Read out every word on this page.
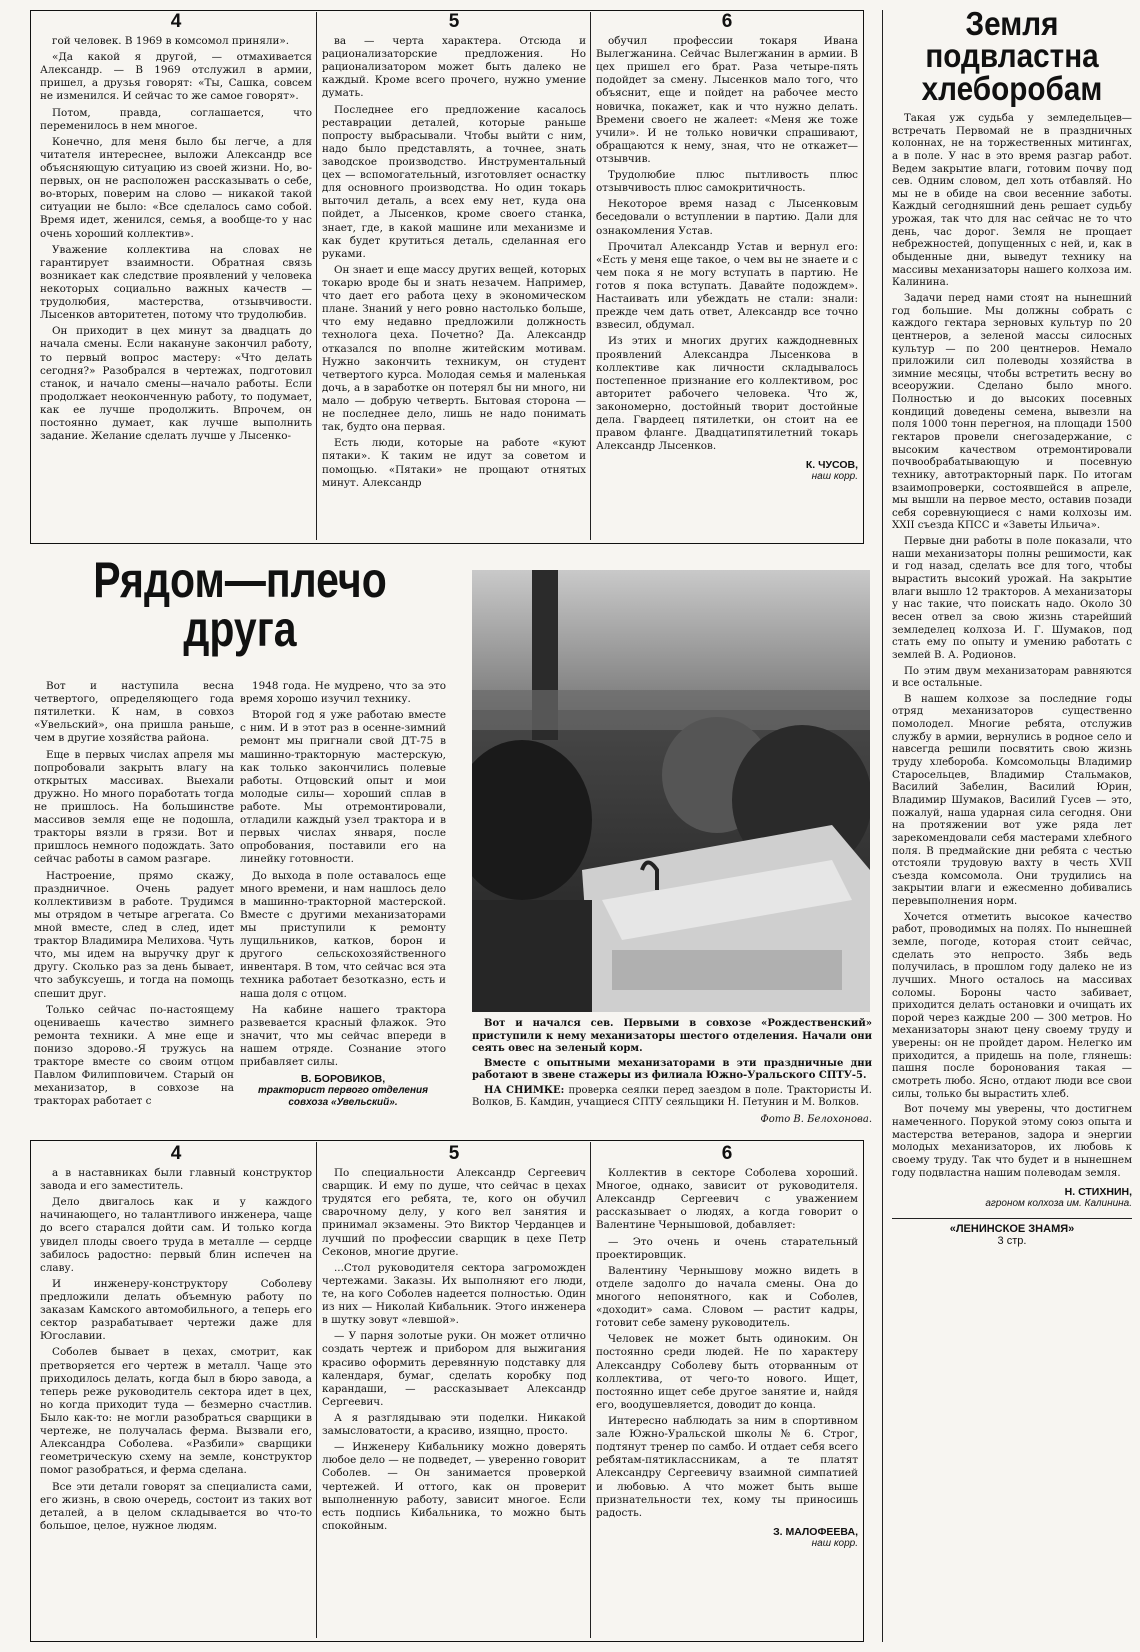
4

гой человек. В 1969 в комсомол приняли».

«Да какой я другой, — отмахивается Александр. — В 1969 отслужил в армии, пришел, а друзья говорят: «Ты, Сашка, совсем не изменился. И сейчас то же самое говорят».

Потом, правда, соглашается, что переменилось в нем многое.

Конечно, для меня было бы легче, а для читателя интереснее, выложи Александр все объясняющую ситуацию из своей жизни. Но, во-первых, он не расположен рассказывать о себе, во-вторых, поверим на слово — никакой такой ситуации не было: «Все сделалось само собой. Время идет, женился, семья, а вообще-то у нас очень хороший коллектив».

Уважение коллектива на словах не гарантирует взаимности. Обратная связь возникает как следствие проявлений у человека некоторых социально важных качеств — трудолюбия, мастерства, отзывчивости. Лысенков авторитетен, потому что трудолюбив.

Он приходит в цех минут за двадцать до начала смены. Если накануне закончил работу, то первый вопрос мастеру: «Что делать сегодня?» Разобрался в чертежах, подготовил станок, и начало смены—начало работы. Если продолжает неоконченную работу, то подумает, как ее лучше продолжить. Впрочем, он постоянно думает, как лучше выполнить задание. Желание сделать лучше у Лысенко-

5

ва — черта характера. Отсюда и рационализаторские предложения. Но рационализатором может быть далеко не каждый. Кроме всего прочего, нужно умение думать.

Последнее его предложение касалось реставрации деталей, которые раньше попросту выбрасывали. Чтобы выйти с ним, надо было представлять, а точнее, знать заводское производство. Инструментальный цех — вспомогательный, изготовляет оснастку для основного производства. Но один токарь выточил деталь, а всех ему нет, куда она пойдет, а Лысенков, кроме своего станка, знает, где, в какой машине или механизме и как будет крутиться деталь, сделанная его руками.

Он знает и еще массу других вещей, которых токарю вроде бы и знать незачем. Например, что дает его работа цеху в экономическом плане. Знаний у него ровно настолько больше, что ему недавно предложили должность технолога цеха. Почетно? Да. Александр отказался по вполне житейским мотивам. Нужно закончить техникум, он студент четвертого курса. Молодая семья и маленькая дочь, а в заработке он потерял бы ни много, ни мало — добрую четверть. Бытовая сторона — не последнее дело, лишь не надо понимать так, будто она первая.

Есть люди, которые на работе «куют пятаки». К таким не идут за советом и помощью. «Пятаки» не прощают отнятых минут. Александр

6

обучил профессии токаря Ивана Вылегжанина. Сейчас Вылегжанин в армии. В цех пришел его брат. Раза четыре-пять подойдет за смену. Лысенков мало того, что объяснит, еще и пойдет на рабочее место новичка, покажет, как и что нужно делать. Времени своего не жалеет: «Меня же тоже учили». И не только новички спрашивают, обращаются к нему, зная, что не откажет— отзывчив.

Трудолюбие плюс пытливость плюс отзывчивость плюс самокритичность.

Некоторое время назад с Лысенковым беседовали о вступлении в партию. Дали для ознакомления Устав.

Прочитал Александр Устав и вернул его: «Есть у меня еще такое, о чем вы не знаете и с чем пока я не могу вступать в партию. Не готов я пока вступать. Давайте подождем». Настаивать или убеждать не стали: знали: прежде чем дать ответ, Александр все точно взвесил, обдумал.

Из этих и многих других каждодневных проявлений Александра Лысенкова в коллективе как личности складывалось постепенное признание его коллективом, рос авторитет рабочего человека. Что ж, закономерно, достойный творит достойные дела. Гвардеец пятилетки, он стоит на ее правом фланге. Двадцатипятилетний токарь Александр Лысенков.

К. ЧУСОВ,
наш корр.
Земля
подвластна
хлеборобам

Такая уж судьба у земледельцев—встречать Первомай не в праздничных колоннах, не на торжественных митингах, а в поле. У нас в это время разгар работ. Ведем закрытие влаги, готовим почву под сев. Одним словом, дел хоть отбавляй. Но мы не в обиде на свои весенние заботы. Каждый сегодняшний день решает судьбу урожая, так что для нас сейчас не то что день, час дорог. Земля не прощает небрежностей, допущенных с ней, и, как в обыденные дни, выведут технику на массивы механизаторы нашего колхоза им. Калинина.

Задачи перед нами стоят на нынешний год большие. Мы должны собрать с каждого гектара зерновых культур по 20 центнеров, а зеленой массы силосных культур — по 200 центнеров. Немало приложили сил полеводы хозяйства в зимние месяцы, чтобы встретить весну во всеоружии. Сделано было много. Полностью и до высоких посевных кондиций доведены семена, вывезли на поля 1000 тонн перегноя, на площади 1500 гектаров провели снегозадержание, с высоким качеством отремонтировали почвообрабатывающую и посевную технику, автотракторный парк. По итогам взаимопроверки, состоявшейся в апреле, мы вышли на первое место, оставив позади себя соревнующиеся с нами колхозы им. XXII съезда КПСС и «Заветы Ильича».

Первые дни работы в поле показали, что наши механизаторы полны решимости, как и год назад, сделать все для того, чтобы вырастить высокий урожай. На закрытие влаги вышло 12 тракторов. А механизаторы у нас такие, что поискать надо. Около 30 весен отвел за свою жизнь старейший земледелец колхоза И. Г. Шумаков, под стать ему по опыту и умению работать с землей В. А. Родионов.

По этим двум механизаторам равняются и все остальные.

В нашем колхозе за последние годы отряд механизаторов существенно помолодел. Многие ребята, отслужив службу в армии, вернулись в родное село и навсегда решили посвятить свою жизнь труду хлебороба. Комсомольцы Владимир Старосельцев, Владимир Стальмаков, Василий Забелин, Василий Юрин, Владимир Шумаков, Василий Гусев — это, пожалуй, наша ударная сила сегодня. Они на протяжении вот уже ряда лет зарекомендовали себя мастерами хлебного поля. В предмайские дни ребята с честью отстояли трудовую вахту в честь XVII съезда комсомола. Они трудились на закрытии влаги и ежесменно добивались перевыполнения норм.

Хочется отметить высокое качество работ, проводимых на полях. По нынешней земле, погоде, которая стоит сейчас, сделать это непросто. Зябь ведь получилась, в прошлом году далеко не из лучших. Много осталось на массивах соломы. Бороны часто забивает, приходится делать остановки и очищать их порой через каждые 200 — 300 метров. Но механизаторы знают цену своему труду и уверены: он не пройдет даром. Нелегко им приходится, а придешь на поле, глянешь: пашня после боронования такая — смотреть любо. Ясно, отдают люди все свои силы, только бы вырастить хлеб.

Вот почему мы уверены, что достигнем намеченного. Порукой этому союз опыта и мастерства ветеранов, задора и энергии молодых механизаторов, их любовь к своему труду. Так что будет и в нынешнем году подвластна нашим полеводам земля.

Н. СТИХНИН,
агроном колхоза им. Калинина.
«ЛЕНИНСКОЕ ЗНАМЯ»
3 стр.
Рядом—плечо
друга

Вот и наступила весна четвертого, определяющего года пятилетки. К нам, в совхоз «Увельский», она пришла раньше, чем в другие хозяйства района.

Еще в первых числах апреля мы попробовали закрыть влагу на открытых массивах. Выехали дружно. Но много поработать тогда не пришлось. На большинстве массивов земля еще не подошла, тракторы вязли в грязи. Вот и пришлось немного подождать. Зато сейчас работы в самом разгаре.

Настроение, прямо скажу, праздничное. Очень радует коллективизм в работе. Трудимся мы отрядом в четыре агрегата. Со мной вместе, след в след, идет трактор Владимира Мелихова. Чуть что, мы идем на выручку друг к другу. Сколько раз за день бывает, что забуксуешь, и тогда на помощь спешит друг.

Только сейчас по-настоящему оцениваешь качество зимнего ремонта техники. А мне еще и понизо здорово.-Я тружусь на тракторе вместе со своим отцом Павлом Филипповичем. Старый он механизатор, в совхозе на тракторах работает с

1948 года. Не мудрено, что за это время хорошо изучил технику.

Второй год я уже работаю вместе с ним. И в этот раз в осенне-зимний ремонт мы пригнали свой ДТ-75 в машинно-тракторную мастерскую, как только закончились полевые работы. Отцовский опыт и мои молодые силы— хороший сплав в работе. Мы отремонтировали, отладили каждый узел трактора и в первых числах января, после опробования, поставили его на линейку готовности.

До выхода в поле оставалось еще много времени, и нам нашлось дело в машинно-тракторной мастерской. Вместе с другими механизаторами мы приступили к ремонту лущильников, катков, борон и другого сельскохозяйственного инвентаря. В том, что сейчас вся эта техника работает безотказно, есть и наша доля с отцом.

На кабине нашего трактора развевается красный флажок. Это значит, что мы сейчас впереди в нашем отряде. Сознание этого прибавляет силы.

В. БОРОВИКОВ,
тракторист первого отделения совхоза «Увельский».

Вот и начался сев. Первыми в совхозе «Рождественский» приступили к нему механизаторы шестого отделения. Начали они сеять овес на зеленый корм.

Вместе с опытными механизаторами в эти праздничные дни работают в звене стажеры из филиала Южно-Уральского СПТУ-5.

НА СНИМКЕ: проверка сеялки перед заездом в поле. Трактористы И. Волков, Б. Камдин, учащиеся СПТУ сеяльщики Н. Петунин и М. Волков.

Фото В. Белохонова.
4

а в наставниках были главный конструктор завода и его заместитель.

Дело двигалось как и у каждого начинающего, но талантливого инженера, чаще до всего старался дойти сам. И только когда увидел плоды своего труда в металле — сердце забилось радостно: первый блин испечен на славу.

И инженеру-конструктору Соболеву предложили делать объемную работу по заказам Камского автомобильного, а теперь его сектор разрабатывает чертежи даже для Югославии.

Соболев бывает в цехах, смотрит, как претворяется его чертеж в металл. Чаще это приходилось делать, когда был в бюро завода, а теперь реже руководитель сектора идет в цех, но когда приходит туда — безмерно счастлив. Было как-то: не могли разобраться сварщики в чертеже, не получалась ферма. Вызвали его, Александра Соболева. «Разбили» сварщики геометрическую схему на земле, конструктор помог разобраться, и ферма сделана.

Все эти детали говорят за специалиста сами, его жизнь, в свою очередь, состоит из таких вот деталей, а в целом складывается во что-то большое, целое, нужное людям.

5

По специальности Александр Сергеевич сварщик. И ему по душе, что сейчас в цехах трудятся его ребята, те, кого он обучил сварочному делу, у кого вел занятия и принимал экзамены. Это Виктор Черданцев и лучший по профессии сварщик в цехе Петр Секонов, многие другие.

...Стол руководителя сектора загроможден чертежами. Заказы. Их выполняют его люди, те, на кого Соболев надеется полностью. Один из них — Николай Кибальник. Этого инженера в шутку зовут «левшой».

— У парня золотые руки. Он может отлично создать чертеж и прибором для выжигания красиво оформить деревянную подставку для календаря, бумаг, сделать коробку под карандаши, — рассказывает Александр Сергеевич.

А я разглядываю эти поделки. Никакой замысловатости, а красиво, изящно, просто.

— Инженеру Кибальнику можно доверять любое дело — не подведет, — уверенно говорит Соболев. — Он занимается проверкой чертежей. И оттого, как он проверит выполненную работу, зависит многое. Если есть подпись Кибальника, то можно быть спокойным.

6

Коллектив в секторе Соболева хороший. Многое, однако, зависит от руководителя. Александр Сергеевич с уважением рассказывает о людях, а когда говорит о Валентине Чернышовой, добавляет:

— Это очень и очень старательный проектировщик.

Валентину Чернышову можно видеть в отделе задолго до начала смены. Она до многого непонятного, как и Соболев, «доходит» сама. Словом — растит кадры, готовит себе замену руководитель.

Человек не может быть одиноким. Он постоянно среди людей. Не по характеру Александру Соболеву быть оторванным от коллектива, от чего-то нового. Ищет, постоянно ищет себе другое занятие и, найдя его, воодушевляется, доводит до конца.

Интересно наблюдать за ним в спортивном зале Южно-Уральской школы № 6. Строг, подтянут тренер по самбо. И отдает себя всего ребятам-пятиклассникам, а те платят Александру Сергеевичу взаимной симпатией и любовью. А что может быть выше признательности тех, кому ты приносишь радость.

З. МАЛОФЕЕВА,
наш корр.
